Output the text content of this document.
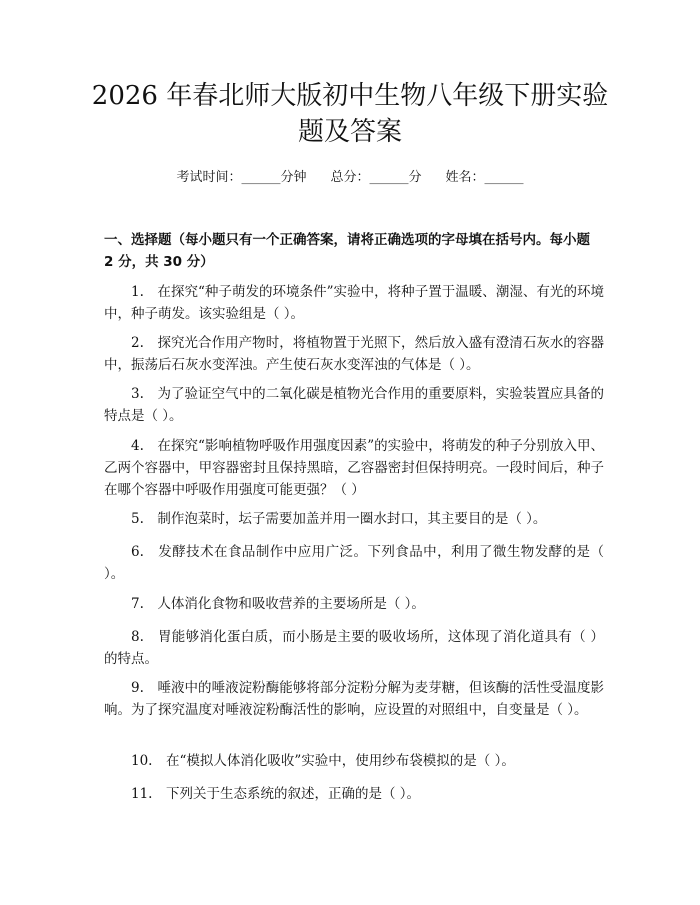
2026 年春北师大版初中生物八年级下册实验题及答案
考试时间：______分钟 总分：______分 姓名：______

一、选择题（每小题只有一个正确答案，请将正确选项的字母填在括号内。每小题 2 分，共 30 分）

1.　在探究“种子萌发的环境条件”实验中，将种子置于温暖、潮湿、有光的环境中，种子萌发。该实验组是（ ）。

2.　探究光合作用产物时，将植物置于光照下，然后放入盛有澄清石灰水的容器中，振荡后石灰水变浑浊。产生使石灰水变浑浊的气体是（ ）。

3.　为了验证空气中的二氧化碳是植物光合作用的重要原料，实验装置应具备的特点是（ ）。

4.　在探究“影响植物呼吸作用强度因素”的实验中，将萌发的种子分别放入甲、乙两个容器中，甲容器密封且保持黑暗，乙容器密封但保持明亮。一段时间后，种子在哪个容器中呼吸作用强度可能更强？（ ）

5.　制作泡菜时，坛子需要加盖并用一圈水封口，其主要目的是（ ）。

6.　发酵技术在食品制作中应用广泛。下列食品中，利用了微生物发酵的是（ ）。

7.　人体消化食物和吸收营养的主要场所是（ ）。

8.　胃能够消化蛋白质，而小肠是主要的吸收场所，这体现了消化道具有（ ）的特点。

9.　唾液中的唾液淀粉酶能够将部分淀粉分解为麦芽糖，但该酶的活性受温度影响。为了探究温度对唾液淀粉酶活性的影响，应设置的对照组中，自变量是（ ）。

10.　在“模拟人体消化吸收”实验中，使用纱布袋模拟的是（ ）。

11.　下列关于生态系统的叙述，正确的是（ ）。
